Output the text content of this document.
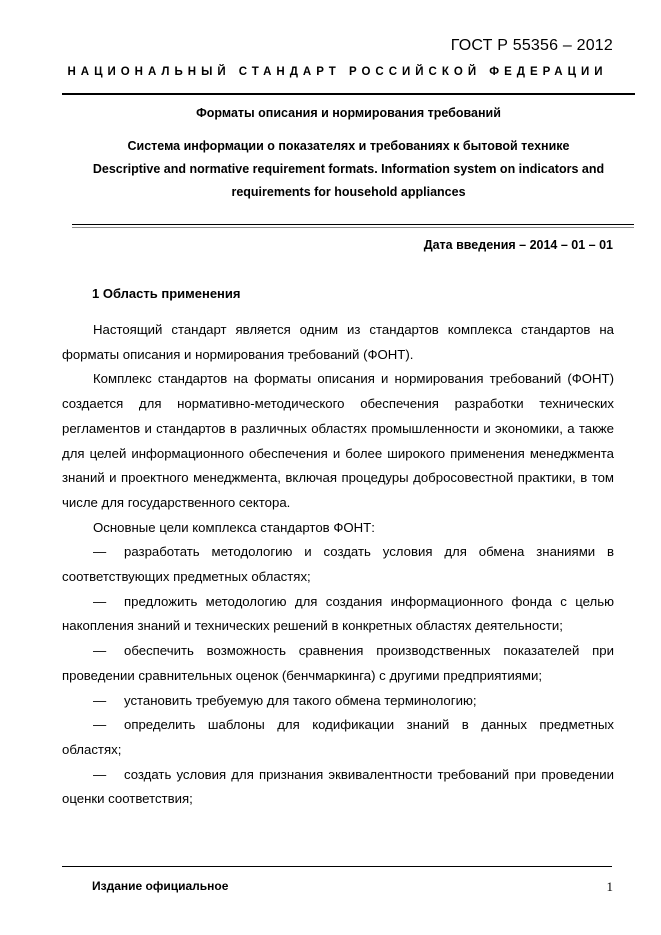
ГОСТ Р 55356 – 2012
НАЦИОНАЛЬНЫЙ СТАНДАРТ РОССИЙСКОЙ ФЕДЕРАЦИИ
Форматы описания и нормирования требований
Система информации о показателях и требованиях к бытовой технике
Descriptive and normative requirement formats. Information system on indicators and requirements for household appliances
Дата введения – 2014 – 01 – 01
1 Область применения

Настоящий стандарт является одним из стандартов комплекса стандартов на форматы описания и нормирования требований (ФОНТ).

Комплекс стандартов на форматы описания и нормирования требований (ФОНТ) создается для нормативно-методического обеспечения разработки технических регламентов и стандартов в различных областях промышленности и экономики, а также для целей информационного обеспечения и более широкого применения менеджмента знаний и проектного менеджмента, включая процедуры добросовестной практики, в том числе для государственного сектора.

Основные цели комплекса стандартов ФОНТ:

— разработать методологию и создать условия для обмена знаниями в соответствующих предметных областях;

— предложить методологию для создания информационного фонда с целью накопления знаний и технических решений в конкретных областях деятельности;

— обеспечить возможность сравнения производственных показателей при проведении сравнительных оценок (бенчмаркинга) с другими предприятиями;

— установить требуемую для такого обмена терминологию;

— определить шаблоны для кодификации знаний в данных предметных областях;

— создать условия для признания эквивалентности требований при проведении оценки соответствия;

Издание официальное	1
